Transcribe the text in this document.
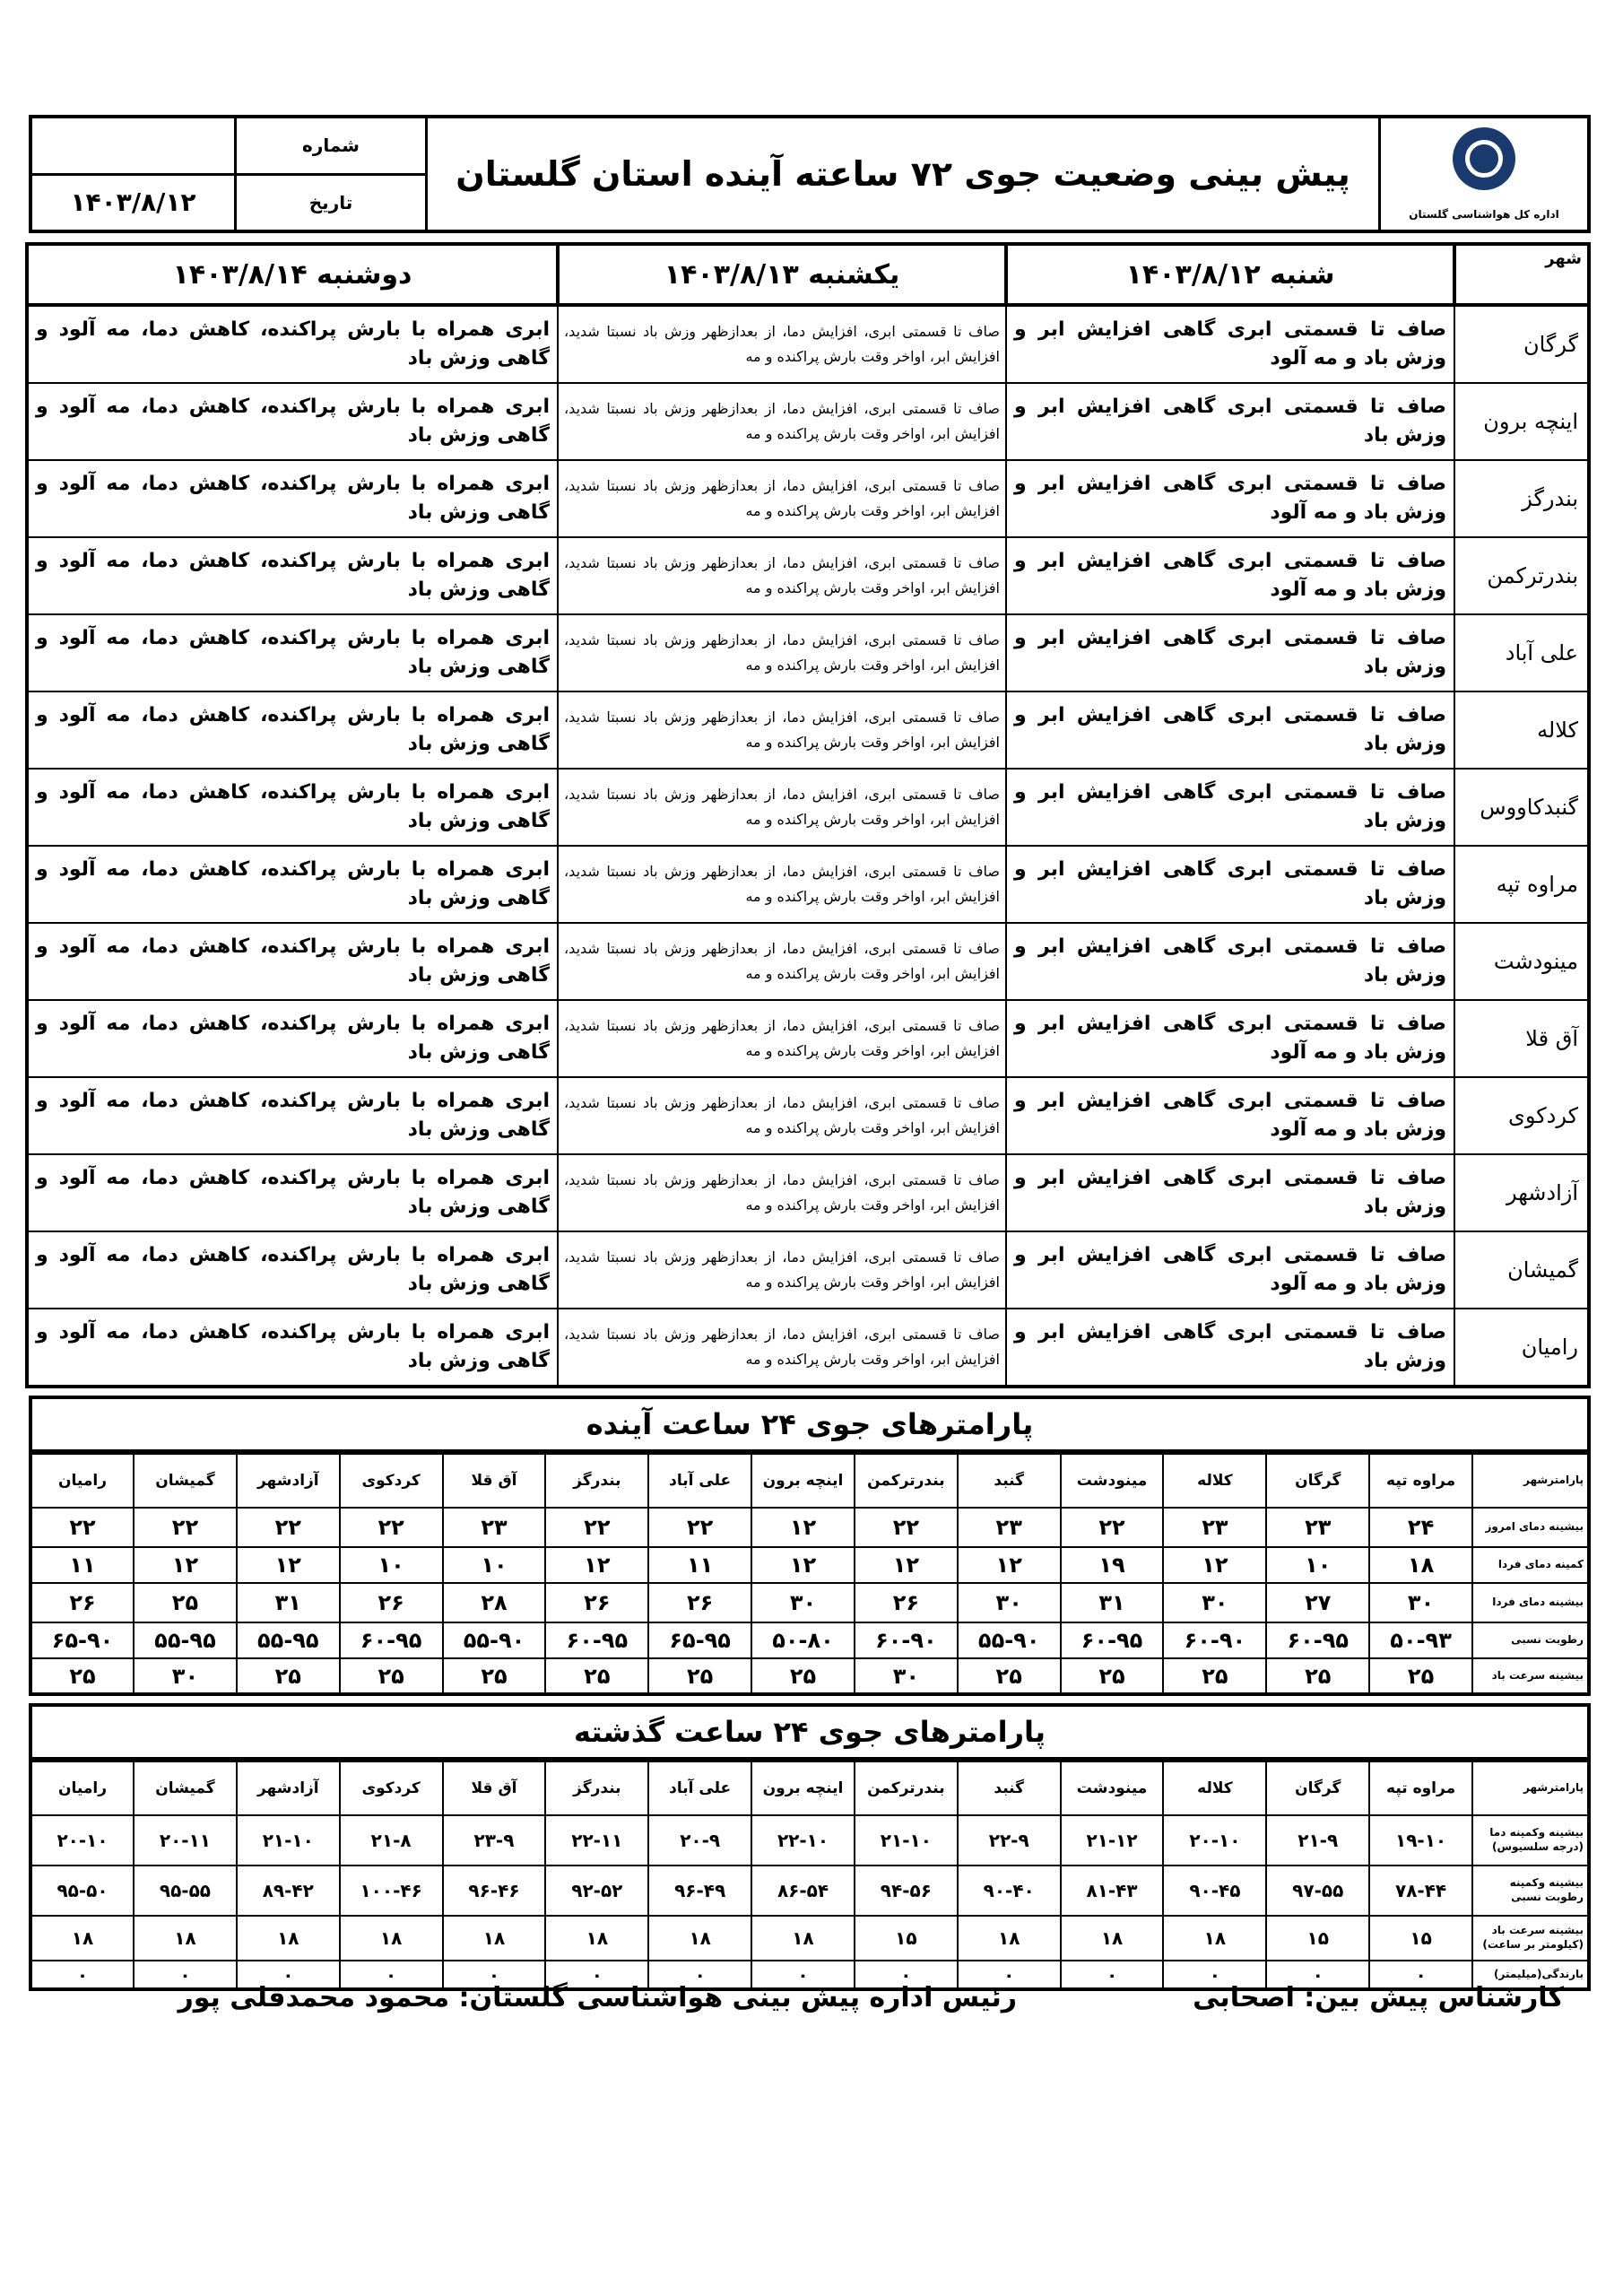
اداره کل هواشناسی گلستان	پیش بینی وضعیت جوی ۷۲ ساعته آینده استان گلستان	شماره	
		تاریخ	۱۴۰۳/۸/۱۲
شهر	شنبه ۱۴۰۳/۸/۱۲	یکشنبه ۱۴۰۳/۸/۱۳	دوشنبه ۱۴۰۳/۸/۱۴
گرگان	صاف تا قسمتی ابری گاهی افزایش ابر و وزش باد و مه آلود	صاف تا قسمتی ابری، افزایش دما، از بعدازظهر وزش باد نسبتا شدید، افزایش ابر، اواخر وقت بارش پراکنده و مه	ابری همراه با بارش پراکنده، کاهش دما، مه آلود و گاهی وزش باد
اینچه برون	صاف تا قسمتی ابری گاهی افزایش ابر و وزش باد	صاف تا قسمتی ابری، افزایش دما، از بعدازظهر وزش باد نسبتا شدید، افزایش ابر، اواخر وقت بارش پراکنده و مه	ابری همراه با بارش پراکنده، کاهش دما، مه آلود و گاهی وزش باد
بندرگز	صاف تا قسمتی ابری گاهی افزایش ابر و وزش باد و مه آلود	صاف تا قسمتی ابری، افزایش دما، از بعدازظهر وزش باد نسبتا شدید، افزایش ابر، اواخر وقت بارش پراکنده و مه	ابری همراه با بارش پراکنده، کاهش دما، مه آلود و گاهی وزش باد
بندرترکمن	صاف تا قسمتی ابری گاهی افزایش ابر و وزش باد و مه آلود	صاف تا قسمتی ابری، افزایش دما، از بعدازظهر وزش باد نسبتا شدید، افزایش ابر، اواخر وقت بارش پراکنده و مه	ابری همراه با بارش پراکنده، کاهش دما، مه آلود و گاهی وزش باد
علی آباد	صاف تا قسمتی ابری گاهی افزایش ابر و وزش باد	صاف تا قسمتی ابری، افزایش دما، از بعدازظهر وزش باد نسبتا شدید، افزایش ابر، اواخر وقت بارش پراکنده و مه	ابری همراه با بارش پراکنده، کاهش دما، مه آلود و گاهی وزش باد
کلاله	صاف تا قسمتی ابری گاهی افزایش ابر و وزش باد	صاف تا قسمتی ابری، افزایش دما، از بعدازظهر وزش باد نسبتا شدید، افزایش ابر، اواخر وقت بارش پراکنده و مه	ابری همراه با بارش پراکنده، کاهش دما، مه آلود و گاهی وزش باد
گنبدکاووس	صاف تا قسمتی ابری گاهی افزایش ابر و وزش باد	صاف تا قسمتی ابری، افزایش دما، از بعدازظهر وزش باد نسبتا شدید، افزایش ابر، اواخر وقت بارش پراکنده و مه	ابری همراه با بارش پراکنده، کاهش دما، مه آلود و گاهی وزش باد
مراوه تپه	صاف تا قسمتی ابری گاهی افزایش ابر و وزش باد	صاف تا قسمتی ابری، افزایش دما، از بعدازظهر وزش باد نسبتا شدید، افزایش ابر، اواخر وقت بارش پراکنده و مه	ابری همراه با بارش پراکنده، کاهش دما، مه آلود و گاهی وزش باد
مینودشت	صاف تا قسمتی ابری گاهی افزایش ابر و وزش باد	صاف تا قسمتی ابری، افزایش دما، از بعدازظهر وزش باد نسبتا شدید، افزایش ابر، اواخر وقت بارش پراکنده و مه	ابری همراه با بارش پراکنده، کاهش دما، مه آلود و گاهی وزش باد
آق قلا	صاف تا قسمتی ابری گاهی افزایش ابر و وزش باد و مه آلود	صاف تا قسمتی ابری، افزایش دما، از بعدازظهر وزش باد نسبتا شدید، افزایش ابر، اواخر وقت بارش پراکنده و مه	ابری همراه با بارش پراکنده، کاهش دما، مه آلود و گاهی وزش باد
کردکوی	صاف تا قسمتی ابری گاهی افزایش ابر و وزش باد و مه آلود	صاف تا قسمتی ابری، افزایش دما، از بعدازظهر وزش باد نسبتا شدید، افزایش ابر، اواخر وقت بارش پراکنده و مه	ابری همراه با بارش پراکنده، کاهش دما، مه آلود و گاهی وزش باد
آزادشهر	صاف تا قسمتی ابری گاهی افزایش ابر و وزش باد	صاف تا قسمتی ابری، افزایش دما، از بعدازظهر وزش باد نسبتا شدید، افزایش ابر، اواخر وقت بارش پراکنده و مه	ابری همراه با بارش پراکنده، کاهش دما، مه آلود و گاهی وزش باد
گمیشان	صاف تا قسمتی ابری گاهی افزایش ابر و وزش باد و مه آلود	صاف تا قسمتی ابری، افزایش دما، از بعدازظهر وزش باد نسبتا شدید، افزایش ابر، اواخر وقت بارش پراکنده و مه	ابری همراه با بارش پراکنده، کاهش دما، مه آلود و گاهی وزش باد
رامیان	صاف تا قسمتی ابری گاهی افزایش ابر و وزش باد	صاف تا قسمتی ابری، افزایش دما، از بعدازظهر وزش باد نسبتا شدید، افزایش ابر، اواخر وقت بارش پراکنده و مه	ابری همراه با بارش پراکنده، کاهش دما، مه آلود و گاهی وزش باد
پارامترهای جوی ۲۴ ساعت آینده
پارامترشهر	مراوه تپه	گرگان	کلاله	مینودشت	گنبد	بندرترکمن	اینچه برون	علی آباد	بندرگز	آق قلا	کردکوی	آزادشهر	گمیشان	رامیان
بیشینه دمای امروز	۲۴	۲۳	۲۳	۲۲	۲۳	۲۲	۱۲	۲۲	۲۲	۲۳	۲۲	۲۲	۲۲	۲۲
کمینه دمای فردا	۱۸	۱۰	۱۲	۱۹	۱۲	۱۲	۱۲	۱۱	۱۲	۱۰	۱۰	۱۲	۱۲	۱۱
بیشینه دمای فردا	۳۰	۲۷	۳۰	۳۱	۳۰	۲۶	۳۰	۲۶	۲۶	۲۸	۲۶	۳۱	۲۵	۲۶
رطوبت نسبی	۵۰-۹۳	۶۰-۹۵	۶۰-۹۰	۶۰-۹۵	۵۵-۹۰	۶۰-۹۰	۵۰-۸۰	۶۵-۹۵	۶۰-۹۵	۵۵-۹۰	۶۰-۹۵	۵۵-۹۵	۵۵-۹۵	۶۵-۹۰
بیشینه سرعت باد	۲۵	۲۵	۲۵	۲۵	۲۵	۳۰	۲۵	۲۵	۲۵	۲۵	۲۵	۲۵	۳۰	۲۵
پارامترهای جوی ۲۴ ساعت گذشته
پارامترشهر	مراوه تپه	گرگان	کلاله	مینودشت	گنبد	بندرترکمن	اینچه برون	علی آباد	بندرگز	آق قلا	کردکوی	آزادشهر	گمیشان	رامیان
بیشینه وکمینه دما (درجه سلسیوس)	۱۹-۱۰	۲۱-۹	۲۰-۱۰	۲۱-۱۲	۲۲-۹	۲۱-۱۰	۲۲-۱۰	۲۰-۹	۲۲-۱۱	۲۳-۹	۲۱-۸	۲۱-۱۰	۲۰-۱۱	۲۰-۱۰
بیشینه وکمینه رطوبت نسبی	۷۸-۴۴	۹۷-۵۵	۹۰-۴۵	۸۱-۴۳	۹۰-۴۰	۹۴-۵۶	۸۶-۵۴	۹۶-۴۹	۹۲-۵۲	۹۶-۴۶	۱۰۰-۴۶	۸۹-۴۲	۹۵-۵۵	۹۵-۵۰
بیشینه سرعت باد (کیلومتر بر ساعت)	۱۵	۱۵	۱۸	۱۸	۱۸	۱۵	۱۸	۱۸	۱۸	۱۸	۱۸	۱۸	۱۸	۱۸
بارندگی(میلیمتر)	۰	۰	۰	۰	۰	۰	۰	۰	۰	۰	۰	۰	۰	۰
کارشناس پیش بین: اصحابی
رئیس اداره پیش بینی هواشناسی گلستان: محمود محمدقلی پور
